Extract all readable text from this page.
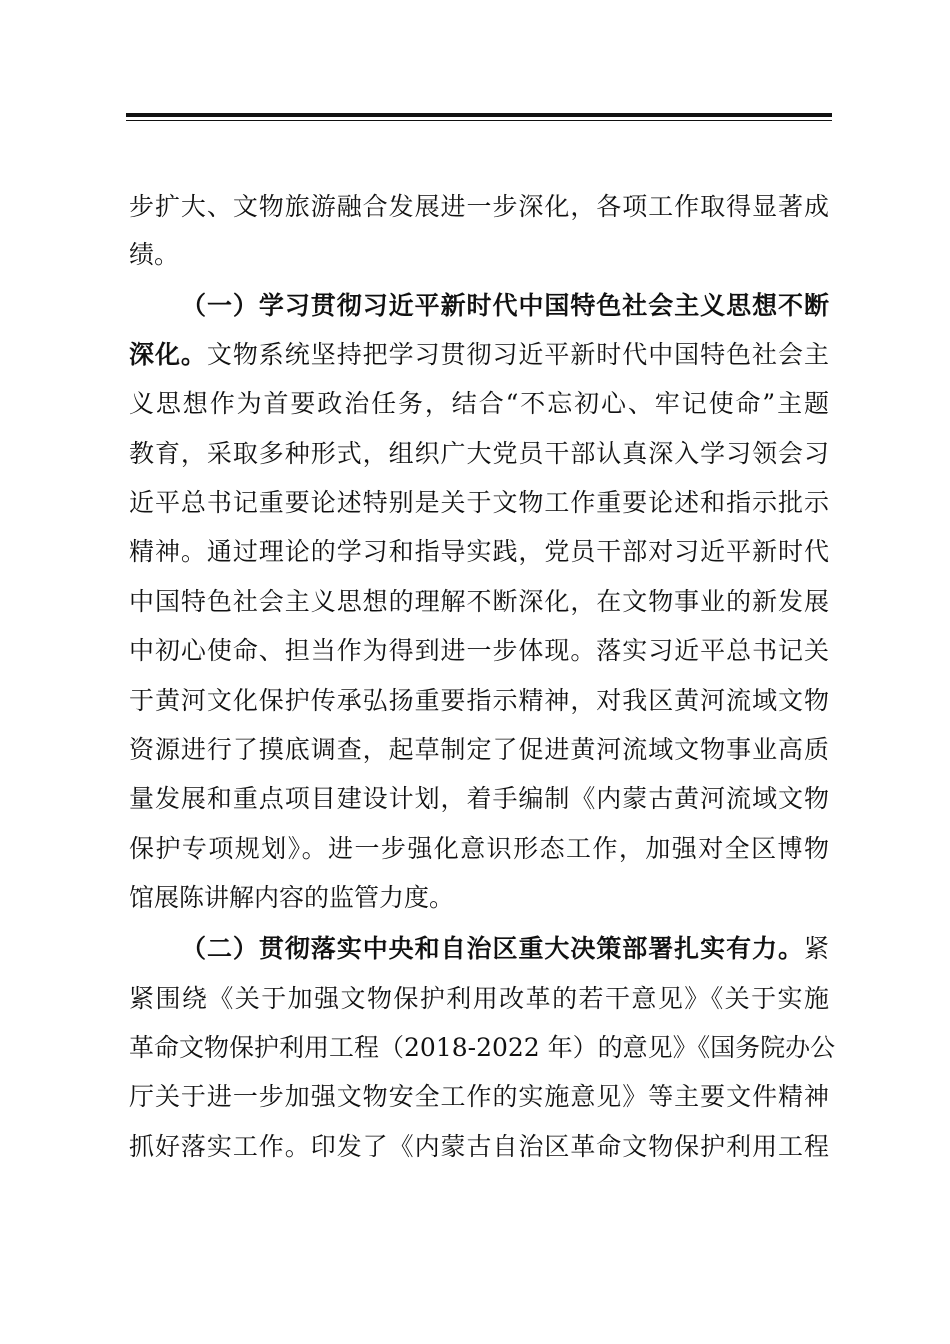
步扩大、文物旅游融合发展进一步深化，各项工作取得显著成
绩。
（一）学习贯彻习近平新时代中国特色社会主义思想不断
深化。文物系统坚持把学习贯彻习近平新时代中国特色社会主
义思想作为首要政治任务，结合“不忘初心、牢记使命”主题
教育，采取多种形式，组织广大党员干部认真深入学习领会习
近平总书记重要论述特别是关于文物工作重要论述和指示批示
精神。通过理论的学习和指导实践，党员干部对习近平新时代
中国特色社会主义思想的理解不断深化，在文物事业的新发展
中初心使命、担当作为得到进一步体现。落实习近平总书记关
于黄河文化保护传承弘扬重要指示精神，对我区黄河流域文物
资源进行了摸底调查，起草制定了促进黄河流域文物事业高质
量发展和重点项目建设计划，着手编制《内蒙古黄河流域文物
保护专项规划》。进一步强化意识形态工作，加强对全区博物
馆展陈讲解内容的监管力度。
（二）贯彻落实中央和自治区重大决策部署扎实有力。紧
紧围绕《关于加强文物保护利用改革的若干意见》《关于实施
革命文物保护利用工程（2018-2022 年）的意见》《国务院办公
厅关于进一步加强文物安全工作的实施意见》等主要文件精神
抓好落实工作。印发了《内蒙古自治区革命文物保护利用工程
